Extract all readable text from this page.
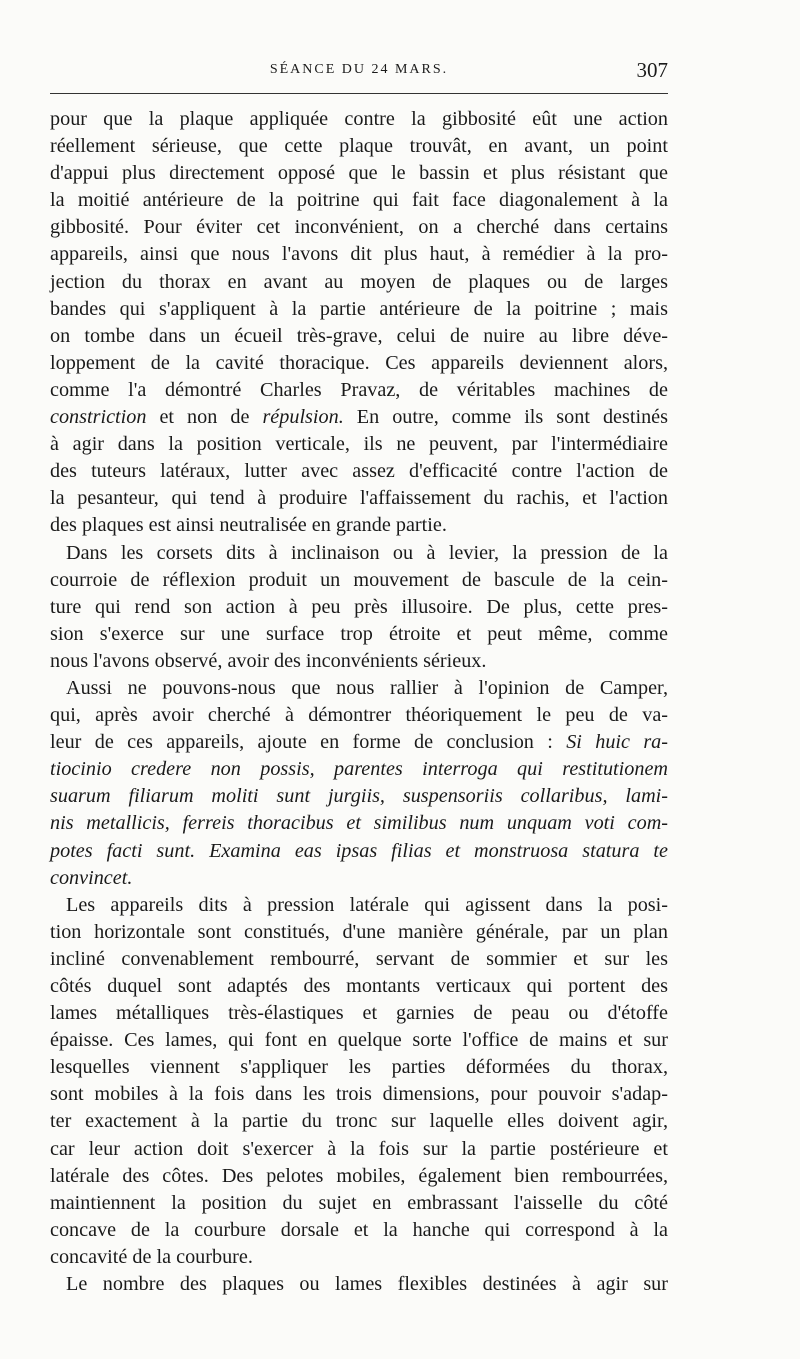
SÉANCE DU 24 MARS.	307
pour que la plaque appliquée contre la gibbosité eût une action
réellement sérieuse, que cette plaque trouvât, en avant, un point
d'appui plus directement opposé que le bassin et plus résistant que
la moitié antérieure de la poitrine qui fait face diagonalement à la
gibbosité. Pour éviter cet inconvénient, on a cherché dans certains
appareils, ainsi que nous l'avons dit plus haut, à remédier à la pro-
jection du thorax en avant au moyen de plaques ou de larges
bandes qui s'appliquent à la partie antérieure de la poitrine ; mais
on tombe dans un écueil très-grave, celui de nuire au libre déve-
loppement de la cavité thoracique. Ces appareils deviennent alors,
comme l'a démontré Charles Pravaz, de véritables machines de
constriction et non de répulsion. En outre, comme ils sont destinés
à agir dans la position verticale, ils ne peuvent, par l'intermédiaire
des tuteurs latéraux, lutter avec assez d'efficacité contre l'action de
la pesanteur, qui tend à produire l'affaissement du rachis, et l'action
des plaques est ainsi neutralisée en grande partie.
Dans les corsets dits à inclinaison ou à levier, la pression de la
courroie de réflexion produit un mouvement de bascule de la cein-
ture qui rend son action à peu près illusoire. De plus, cette pres-
sion s'exerce sur une surface trop étroite et peut même, comme
nous l'avons observé, avoir des inconvénients sérieux.
Aussi ne pouvons-nous que nous rallier à l'opinion de Camper,
qui, après avoir cherché à démontrer théoriquement le peu de va-
leur de ces appareils, ajoute en forme de conclusion : Si huic ra-
tiocinio credere non possis, parentes interroga qui restitutionem
suarum filiarum moliti sunt jurgiis, suspensoriis collaribus, lami-
nis metallicis, ferreis thoracibus et similibus num unquam voti com-
potes facti sunt. Examina eas ipsas filias et monstruosa statura te
convincet.
Les appareils dits à pression latérale qui agissent dans la posi-
tion horizontale sont constitués, d'une manière générale, par un plan
incliné convenablement rembourré, servant de sommier et sur les
côtés duquel sont adaptés des montants verticaux qui portent des
lames métalliques très-élastiques et garnies de peau ou d'étoffe
épaisse. Ces lames, qui font en quelque sorte l'office de mains et sur
lesquelles viennent s'appliquer les parties déformées du thorax,
sont mobiles à la fois dans les trois dimensions, pour pouvoir s'adap-
ter exactement à la partie du tronc sur laquelle elles doivent agir,
car leur action doit s'exercer à la fois sur la partie postérieure et
latérale des côtes. Des pelotes mobiles, également bien rembourrées,
maintiennent la position du sujet en embrassant l'aisselle du côté
concave de la courbure dorsale et la hanche qui correspond à la
concavité de la courbure.
Le nombre des plaques ou lames flexibles destinées à agir sur
